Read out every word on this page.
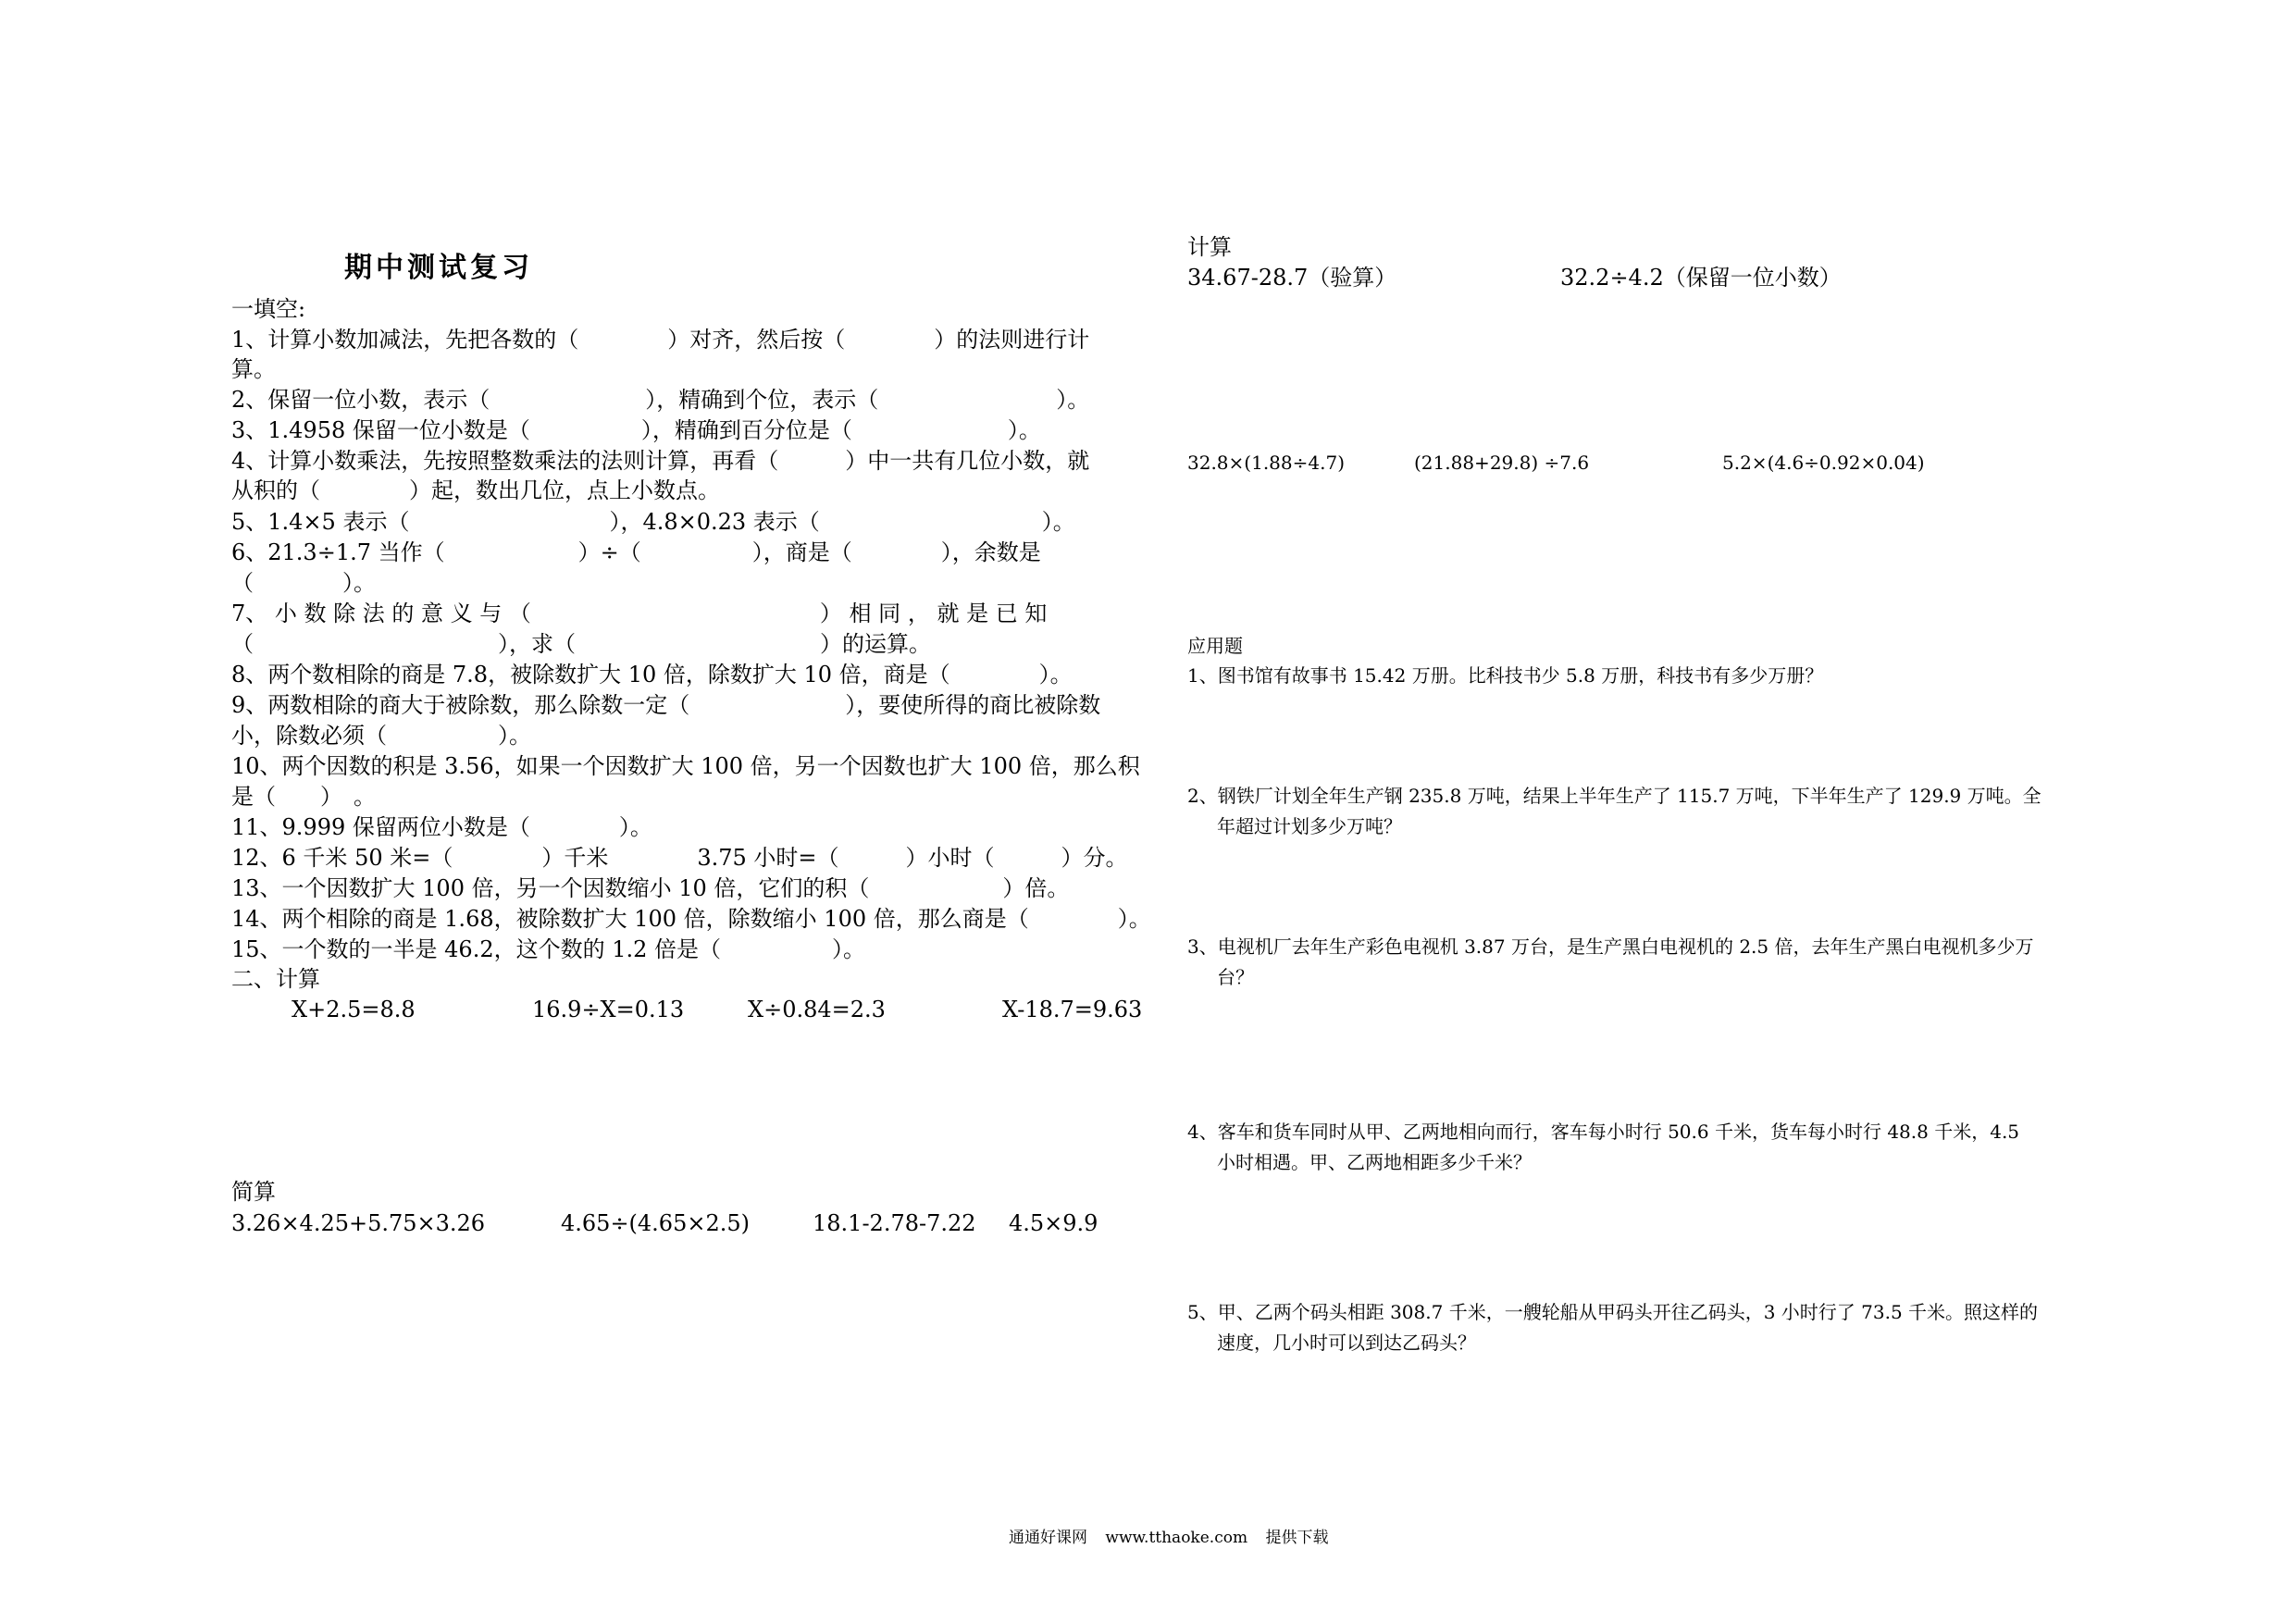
期中测试复习
一填空:
1、计算小数加减法，先把各数的（　　　　）对齐，然后按（　　　　）的法则进行计
算。
2、保留一位小数，表示（　　　　　　　），精确到个位，表示（　　　　　　　　）。
3、1.4958 保留一位小数是（　　　　　），精确到百分位是（　　　　　　　）。
4、计算小数乘法，先按照整数乘法的法则计算，再看（　　　）中一共有几位小数，就
从积的（　　　　）起，数出几位，点上小数点。
5、1.4×5 表示（　　　　　　　　　），4.8×0.23 表示（　　　　　　　　　　）。
6、21.3÷1.7 当作（　　　　　　）÷（　　　　　），商是（　　　　），余数是
（　　　　）。
7、 小 数 除 法 的 意 义 与 （　　　　　　　　　　　　　） 相 同 ， 就 是 已 知
（　　　　　　　　　　　），求（　　　　　　　　　　　）的运算。
8、两个数相除的商是 7.8，被除数扩大 10 倍，除数扩大 10 倍，商是（　　　　）。
9、两数相除的商大于被除数，那么除数一定（　　　　　　　），要使所得的商比被除数
小，除数必须（　　　　　）。
10、两个因数的积是 3.56，如果一个因数扩大 100 倍，另一个因数也扩大 100 倍，那么积
是（　　）　。
11、9.999 保留两位小数是（　　　　）。
12、6 千米 50 米=（　　　　）千米　　　　3.75 小时=（　　　）小时（　　　）分。
13、一个因数扩大 100 倍，另一个因数缩小 10 倍，它们的积（　　　　　　）倍。
14、两个相除的商是 1.68，被除数扩大 100 倍，除数缩小 100 倍，那么商是（　　　　）。
15、一个数的一半是 46.2，这个数的 1.2 倍是（　　　　　）。
二、计算
X+2.5=8.8	16.9÷X=0.13	X÷0.84=2.3	X-18.7=9.63
简算
3.26×4.25+5.75×3.26	4.65÷(4.65×2.5)	18.1-2.78-7.22 4.5×9.9
计算
34.67-28.7（验算）	32.2÷4.2（保留一位小数）
32.8×(1.88÷4.7)	(21.88+29.8) ÷7.6	5.2×(4.6÷0.92×0.04)
应用题
1、图书馆有故事书 15.42 万册。比科技书少 5.8 万册，科技书有多少万册？
2、钢铁厂计划全年生产钢 235.8 万吨，结果上半年生产了 115.7 万吨，下半年生产了 129.9 万吨。全
年超过计划多少万吨？
3、电视机厂去年生产彩色电视机 3.87 万台，是生产黑白电视机的 2.5 倍，去年生产黑白电视机多少万
台？
4、客车和货车同时从甲、乙两地相向而行，客车每小时行 50.6 千米，货车每小时行 48.8 千米，4.5
小时相遇。甲、乙两地相距多少千米？
5、甲、乙两个码头相距 308.7 千米，一艘轮船从甲码头开往乙码头，3 小时行了 73.5 千米。照这样的
速度，几小时可以到达乙码头？
通通好课网 www.tthaoke.com 提供下载
